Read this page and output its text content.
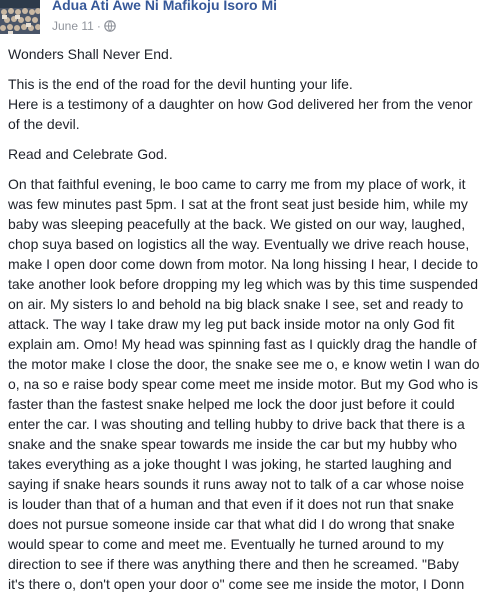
Adua Ati Awe Ni Mafikoju Isoro Mi
June 11 ·

Wonders Shall Never End.

This is the end of the road for the devil hunting your life.
Here is a testimony of a daughter on how God delivered her from the venor
of the devil.

Read and Celebrate God.

On that faithful evening, le boo came to carry me from my place of work, it
was few minutes past 5pm. I sat at the front seat just beside him, while my
baby was sleeping peacefully at the back. We gisted on our way, laughed,
chop suya based on logistics all the way. Eventually we drive reach house,
make I open door come down from motor. Na long hissing I hear, I decide to
take another look before dropping my leg which was by this time suspended
on air. My sisters lo and behold na big black snake I see, set and ready to
attack. The way I take draw my leg put back inside motor na only God fit
explain am. Omo! My head was spinning fast as I quickly drag the handle of
the motor make I close the door, the snake see me o, e know wetin I wan do
o, na so e raise body spear come meet me inside motor. But my God who is
faster than the fastest snake helped me lock the door just before it could
enter the car. I was shouting and telling hubby to drive back that there is a
snake and the snake spear towards me inside the car but my hubby who
takes everything as a joke thought I was joking, he started laughing and
saying if snake hears sounds it runs away not to talk of a car whose noise
is louder than that of a human and that even if it does not run that snake
does not pursue someone inside car that what did I do wrong that snake
would spear to come and meet me. Eventually he turned around to my
direction to see if there was anything there and then he screamed. "Baby
it's there o, don't open your door o" come see me inside the motor, I Donn
